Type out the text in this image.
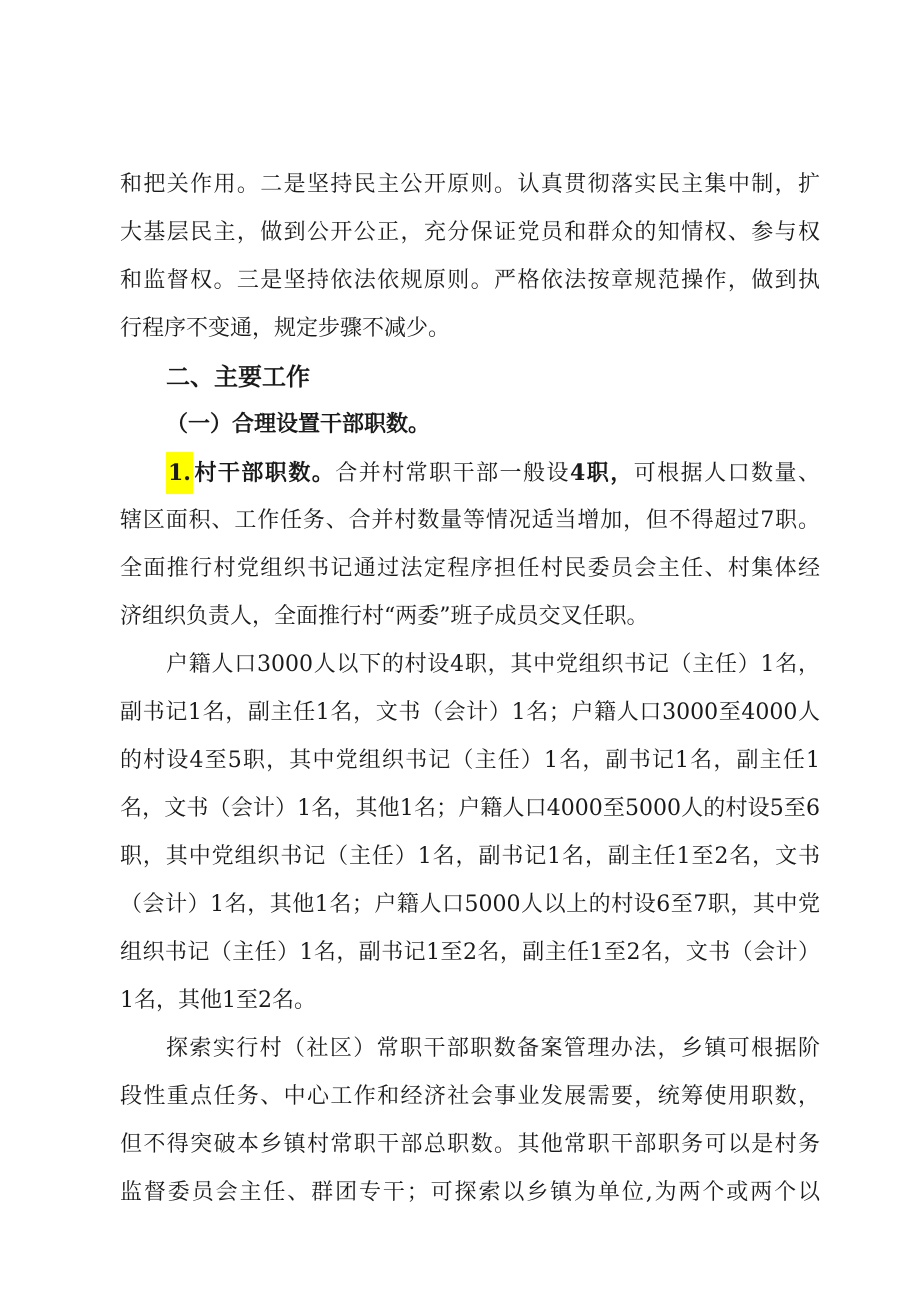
和把关作用。二是坚持民主公开原则。认真贯彻落实民主集中制，扩
大基层民主，做到公开公正，充分保证党员和群众的知情权、参与权
和监督权。三是坚持依法依规原则。严格依法按章规范操作，做到执
行程序不变通，规定步骤不减少。
二、主要工作
（一）合理设置干部职数。
1.村干部职数。合并村常职干部一般设4职，可根据人口数量、
辖区面积、工作任务、合并村数量等情况适当增加，但不得超过7职。
全面推行村党组织书记通过法定程序担任村民委员会主任、村集体经
济组织负责人，全面推行村“两委”班子成员交叉任职。
户籍人口3000人以下的村设4职，其中党组织书记（主任）1名，
副书记1名，副主任1名，文书（会计）1名；户籍人口3000至4000人
的村设4至5职，其中党组织书记（主任）1名，副书记1名，副主任1
名，文书（会计）1名，其他1名；户籍人口4000至5000人的村设5至6
职，其中党组织书记（主任）1名，副书记1名，副主任1至2名，文书
（会计）1名，其他1名；户籍人口5000人以上的村设6至7职，其中党
组织书记（主任）1名，副书记1至2名，副主任1至2名，文书（会计）
1名，其他1至2名。
探索实行村（社区）常职干部职数备案管理办法，乡镇可根据阶
段性重点任务、中心工作和经济社会事业发展需要，统筹使用职数，
但不得突破本乡镇村常职干部总职数。其他常职干部职务可以是村务
监督委员会主任、群团专干；可探索以乡镇为单位,为两个或两个以
